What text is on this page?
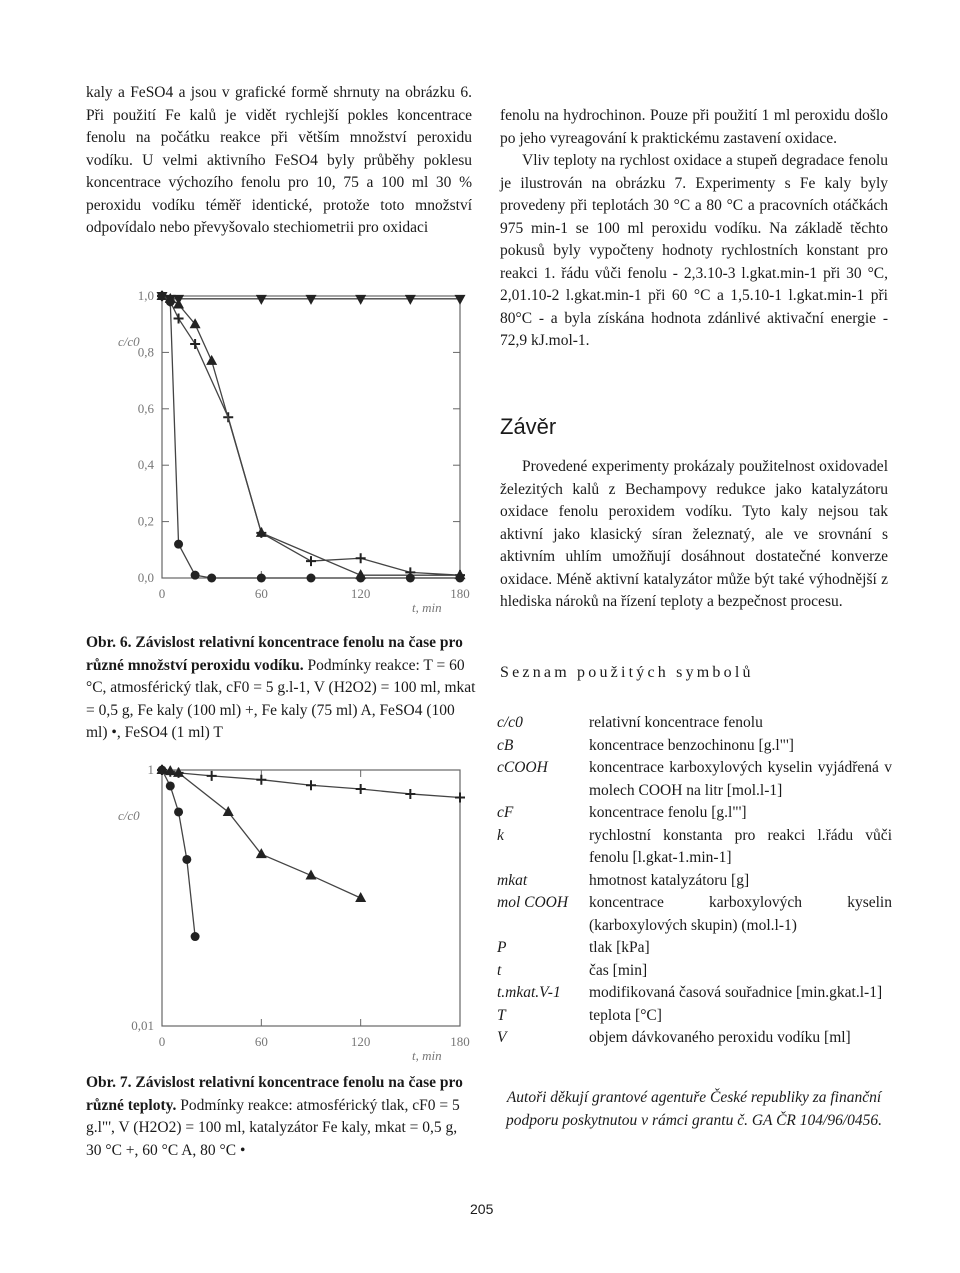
kaly a FeSO4 a jsou v grafické formě shrnuty na obrázku 6. Při použití Fe kalů je vidět rychlejší pokles koncentrace fenolu na počátku reakce při větším množství peroxidu vodíku. U velmi aktivního FeSO4 byly průběhy poklesu koncentrace výchozího fenolu pro 10, 75 a 100 ml 30 % peroxidu vodíku téměř identické, protože toto množství odpovídalo nebo převyšovalo stechiometrii pro oxidaci

0	60	120	180
0,0
0,2
0,4
0,6
0,8
1,0
t, min
c/c0
Obr. 6. Závislost relativní koncentrace fenolu na čase pro různé množství peroxidu vodíku. Podmínky reakce: T = 60 °C, atmosférický tlak, cF0 = 5 g.l-1, V (H2O2) = 100 ml, mkat = 0,5 g, Fe kaly (100 ml) +, Fe kaly (75 ml) A, FeSO4 (100 ml) •, FeSO4 (1 ml) T
0	60	120	180
0,01
1
t, min
c/c0
Obr. 7. Závislost relativní koncentrace fenolu na čase pro různé teploty. Podmínky reakce: atmosférický tlak, cF0 = 5 g.l"', V (H2O2) = 100 ml, katalyzátor Fe kaly, mkat = 0,5 g, 30 °C +, 60 °C A, 80 °C •

fenolu na hydrochinon. Pouze při použití 1 ml peroxidu došlo po jeho vyreagování k praktickému zastavení oxidace.

Vliv teploty na rychlost oxidace a stupeň degradace fenolu je ilustrován na obrázku 7. Experimenty s Fe kaly byly provedeny při teplotách 30 °C a 80 °C a pracovních otáčkách 975 min-1 se 100 ml peroxidu vodíku. Na základě těchto pokusů byly vypočteny hodnoty rychlostních konstant pro reakci 1. řádu vůči fenolu - 2,3.10-3 l.gkat.min-1 při 30 °C, 2,01.10-2 l.gkat.min-1 při 60 °C a 1,5.10-1 l.gkat.min-1 při 80°C - a byla získána hodnota zdánlivé aktivační energie - 72,9 kJ.mol-1.

Závěr
Provedené experimenty prokázaly použitelnost oxidovadel železitých kalů z Bechampovy redukce jako katalyzátoru oxidace fenolu peroxidem vodíku. Tyto kaly nejsou tak aktivní jako klasický síran železnatý, ale ve srovnání s aktivním uhlím umožňují dosáhnout dostatečné konverze oxidace. Méně aktivní katalyzátor může být také výhodnější z hlediska nároků na řízení teploty a bezpečnost procesu.
Seznam použitých symbolů
c/c0	relativní koncentrace fenolu
cB	koncentrace benzochinonu [g.l"']
cCOOH	koncentrace karboxylových kyselin vyjádřená v molech COOH na litr [mol.l-1]
cF	koncentrace fenolu [g.l"']
k	rychlostní konstanta pro reakci l.řádu vůči fenolu [l.gkat-1.min-1]
mkat	hmotnost katalyzátoru [g]
mol COOH	koncentrace karboxylových kyselin (karboxylových skupin) (mol.l-1)
P	tlak [kPa]
t	čas [min]
t.mkat.V-1	modifikovaná časová souřadnice [min.gkat.l-1]
T	teplota [°C]
V	objem dávkovaného peroxidu vodíku [ml]
Autoři děkují grantové agentuře České republiky za finanční podporu poskytnutou v rámci grantu č. GA ČR 104/96/0456.
205
